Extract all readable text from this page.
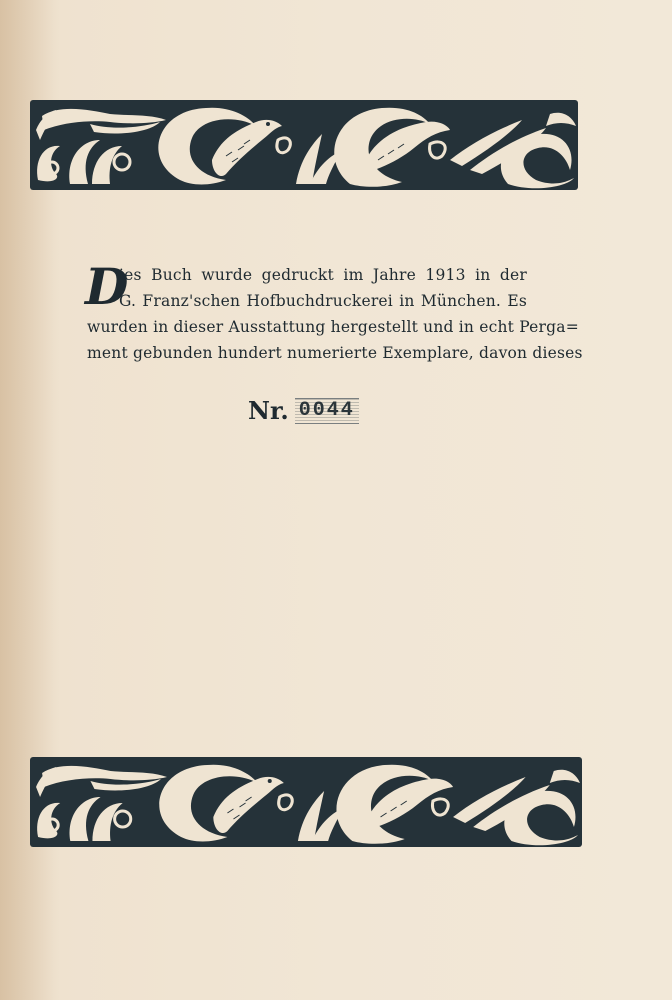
D
ies Buch wurde gedruckt im Jahre 1913 in der
G. Franz'schen Hofbuchdruckerei in München. Es
wurden in dieser Ausstattung hergestellt und in echt Perga=
ment gebunden hundert numerierte Exemplare, davon dieses
Nr. 0044
